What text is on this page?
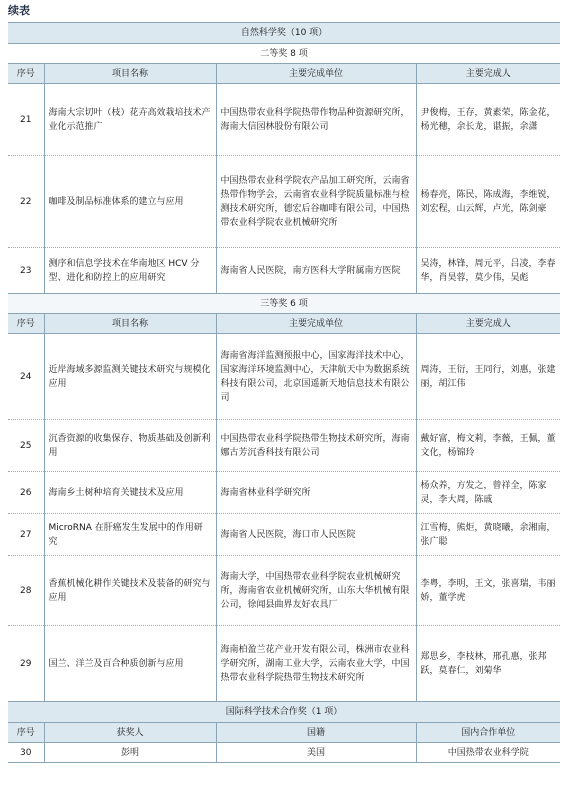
续表
自然科学奖（10 项）			
二等奖 8 项			
序号	项目名称	主要完成单位	主要完成人
21	海南大宗切叶（枝）花卉高效栽培技术产业化示范推广	中国热带农业科学院热带作物品种资源研究所，海南大信园林股份有限公司	尹俊梅，王存，黄素荣，陈金花，杨光穗，余长龙，谌振，余潇
22	咖啡及制品标准体系的建立与应用	中国热带农业科学院农产品加工研究所，云南省热带作物学会，云南省农业科学院质量标准与检测技术研究所，德宏后谷咖啡有限公司，中国热带农业科学院农业机械研究所	杨春亮，陈民，陈成海，李维锐，刘宏程，山云辉，卢光，陈剑豪
23	测序和信息学技术在华南地区 HCV 分型、进化和防控上的应用研究	海南省人民医院，南方医科大学附属南方医院	吴涛，林锋，周元平，吕凌，李春华，肖昊蓉，莫少伟，吴彪
三等奖 6 项			
序号	项目名称	主要完成单位	主要完成人
24	近岸海域多源监测关键技术研究与规模化应用	海南省海洋监测预报中心，国家海洋技术中心，国家海洋环境监测中心，天津航天中为数据系统科技有限公司，北京国遥新天地信息技术有限公司	周涛，王衍，王同行，刘惠，张建丽，胡江伟
25	沉香资源的收集保存、物质基础及创新利用	中国热带农业科学院热带生物技术研究所，海南娜古芳沉香科技有限公司	戴好富，梅文莉，李薇，王佩，董文化，杨锦玲
26	海南乡土树种培育关键技术及应用	海南省林业科学研究所	杨众养，方发之，曾祥全，陈家灵，李大周，陈戚
27	MicroRNA 在肝癌发生发展中的作用研究	海南省人民医院，海口市人民医院	江雪梅，熊炬，黄晓曦，余湘南，张广聪
28	香蕉机械化耕作关键技术及装备的研究与应用	海南大学，中国热带农业科学院农业机械研究所，海南省农业机械研究所，山东大华机械有限公司，徐闻县曲界友好农具厂	李粤，李明，王文，张喜瑞，韦丽娇，董学虎
29	国兰、洋兰及百合种质创新与应用	海南柏盈兰花产业开发有限公司，株洲市农业科学研究所，湖南工业大学，云南农业大学，中国热带农业科学院热带生物技术研究所	郑思乡，李枝林，邢孔惠，张邦跃，莫春仁，刘菊华
国际科学技术合作奖（1 项）			
序号	获奖人	国籍	国内合作单位
30	彭明	美国	中国热带农业科学院
